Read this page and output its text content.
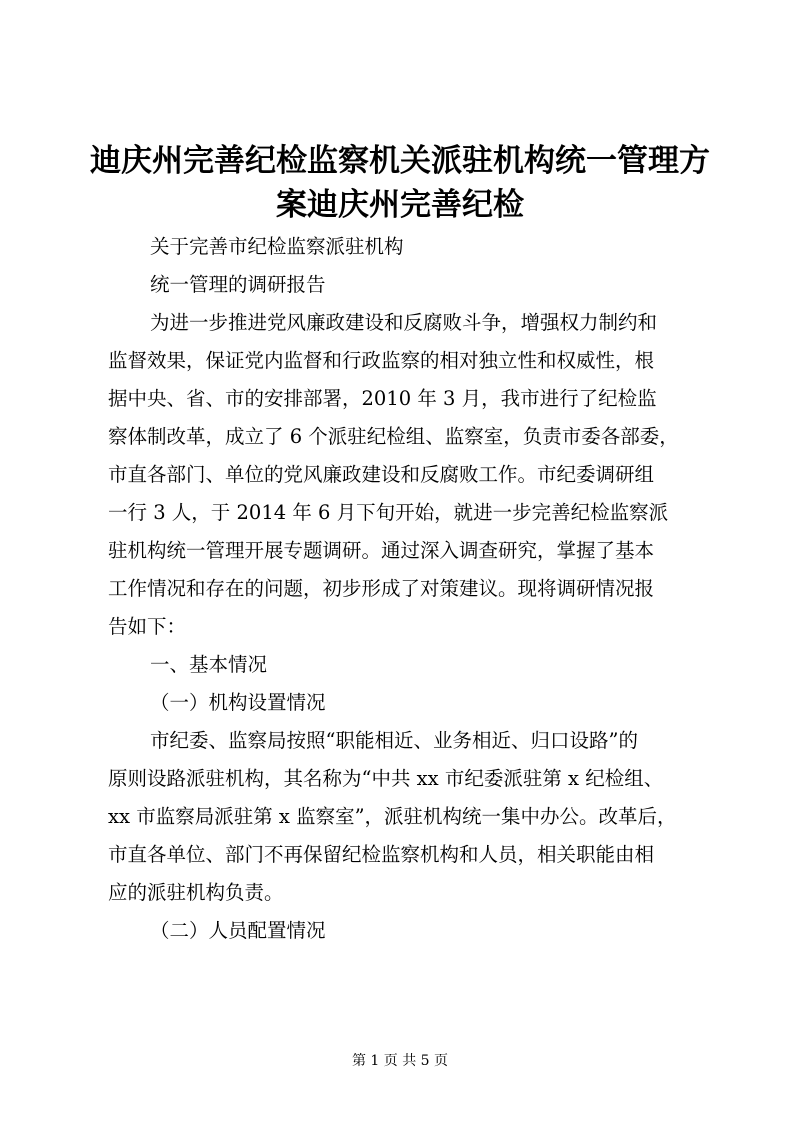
迪庆州完善纪检监察机关派驻机构统一管理方
案迪庆州完善纪检
关于完善市纪检监察派驻机构
统一管理的调研报告
为进一步推进党风廉政建设和反腐败斗争，增强权力制约和
监督效果，保证党内监督和行政监察的相对独立性和权威性，根
据中央、省、市的安排部署，2010 年 3 月，我市进行了纪检监
察体制改革，成立了 6 个派驻纪检组、监察室，负责市委各部委，
市直各部门、单位的党风廉政建设和反腐败工作。市纪委调研组
一行 3 人，于 2014 年 6 月下旬开始，就进一步完善纪检监察派
驻机构统一管理开展专题调研。通过深入调查研究，掌握了基本
工作情况和存在的问题，初步形成了对策建议。现将调研情况报
告如下：
一、基本情况
（一）机构设置情况
市纪委、监察局按照“职能相近、业务相近、归口设路”的
原则设路派驻机构，其名称为“中共 xx 市纪委派驻第 x 纪检组、
xx 市监察局派驻第 x 监察室”，派驻机构统一集中办公。改革后，
市直各单位、部门不再保留纪检监察机构和人员，相关职能由相
应的派驻机构负责。
（二）人员配置情况
第 1 页 共 5 页
